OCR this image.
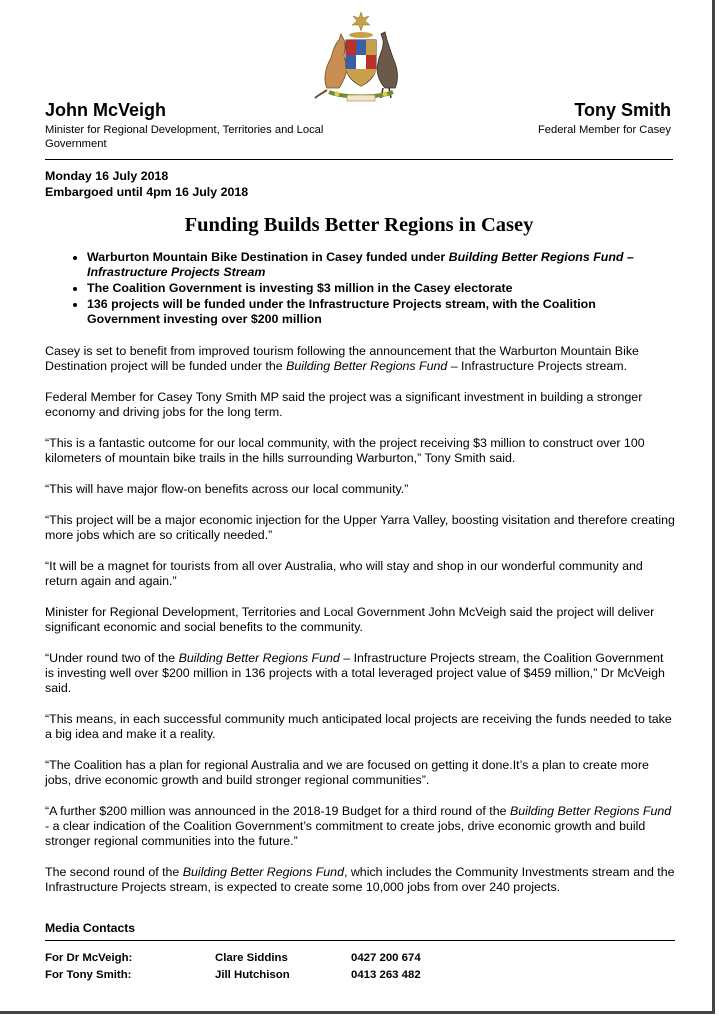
John McVeigh

Minister for Regional Development, Territories and Local Government

Tony Smith

Federal Member for Casey

Monday 16 July 2018
Embargoed until 4pm 16 July 2018
Funding Builds Better Regions in Casey
• Warburton Mountain Bike Destination in Casey funded under Building Better Regions Fund – Infrastructure Projects Stream
• The Coalition Government is investing $3 million in the Casey electorate
• 136 projects will be funded under the Infrastructure Projects stream, with the Coalition Government investing over $200 million

Casey is set to benefit from improved tourism following the announcement that the Warburton Mountain Bike Destination project will be funded under the Building Better Regions Fund – Infrastructure Projects stream.

Federal Member for Casey Tony Smith MP said the project was a significant investment in building a stronger economy and driving jobs for the long term.

“This is a fantastic outcome for our local community, with the project receiving $3 million to construct over 100 kilometers of mountain bike trails in the hills surrounding Warburton,” Tony Smith said.

“This will have major flow-on benefits across our local community.”

“This project will be a major economic injection for the Upper Yarra Valley, boosting visitation and therefore creating more jobs which are so critically needed.”

“It will be a magnet for tourists from all over Australia, who will stay and shop in our wonderful community and return again and again.”

Minister for Regional Development, Territories and Local Government John McVeigh said the project will deliver significant economic and social benefits to the community.

“Under round two of the Building Better Regions Fund – Infrastructure Projects stream, the Coalition Government is investing well over $200 million in 136 projects with a total leveraged project value of $459 million,” Dr McVeigh said.

“This means, in each successful community much anticipated local projects are receiving the funds needed to take a big idea and make it a reality.

“The Coalition has a plan for regional Australia and we are focused on getting it done.It’s a plan to create more jobs, drive economic growth and build stronger regional communities”.

“A further $200 million was announced in the 2018-19 Budget for a third round of the Building Better Regions Fund - a clear indication of the Coalition Government’s commitment to create jobs, drive economic growth and build stronger regional communities into the future.”

The second round of the Building Better Regions Fund, which includes the Community Investments stream and the Infrastructure Projects stream, is expected to create some 10,000 jobs from over 240 projects.

Media Contacts
For Dr McVeigh:	Clare Siddins	0427 200 674
For Tony Smith:	Jill Hutchison	0413 263 482
